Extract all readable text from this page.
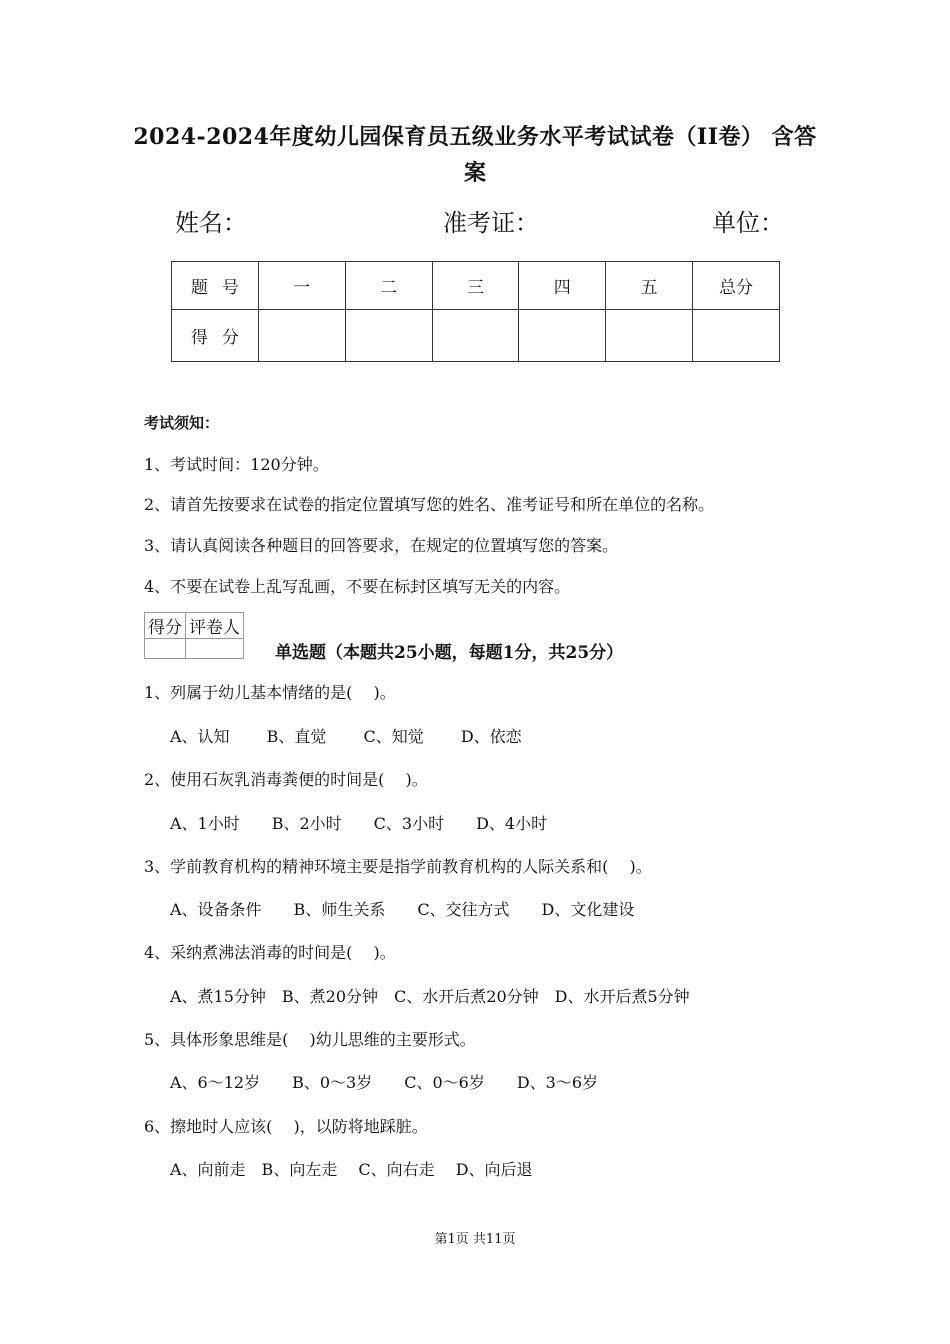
2024-2024年度幼儿园保育员五级业务水平考试试卷（II卷） 含答
案
姓名：	准考证：	单位：
题号	一	二	三	四	五	总分
得分						
考试须知：
1、考试时间：120分钟。
2、请首先按要求在试卷的指定位置填写您的姓名、准考证号和所在单位的名称。
3、请认真阅读各种题目的回答要求，在规定的位置填写您的答案。
4、不要在试卷上乱写乱画，不要在标封区填写无关的内容。
得分	评卷人

单选题（本题共25小题，每题1分，共25分）
1、列属于幼儿基本情绪的是(　 )。
A、认知　　 B、直觉　　 C、知觉　　 D、依恋
2、使用石灰乳消毒粪便的时间是(　 )。
A、1小时　　B、2小时　　C、3小时　　D、4小时
3、学前教育机构的精神环境主要是指学前教育机构的人际关系和(　 )。
A、设备条件　　B、师生关系　　C、交往方式　　D、文化建设
4、采纳煮沸法消毒的时间是(　 )。
A、煮15分钟　B、煮20分钟　C、水开后煮20分钟　D、水开后煮5分钟
5、具体形象思维是(　 )幼儿思维的主要形式。
A、6～12岁　　B、0～3岁　　C、0～6岁　　D、3～6岁
6、擦地时人应该(　 )，以防将地踩脏。
A、向前走　B、向左走　 C、向右走　 D、向后退
第1页 共11页
